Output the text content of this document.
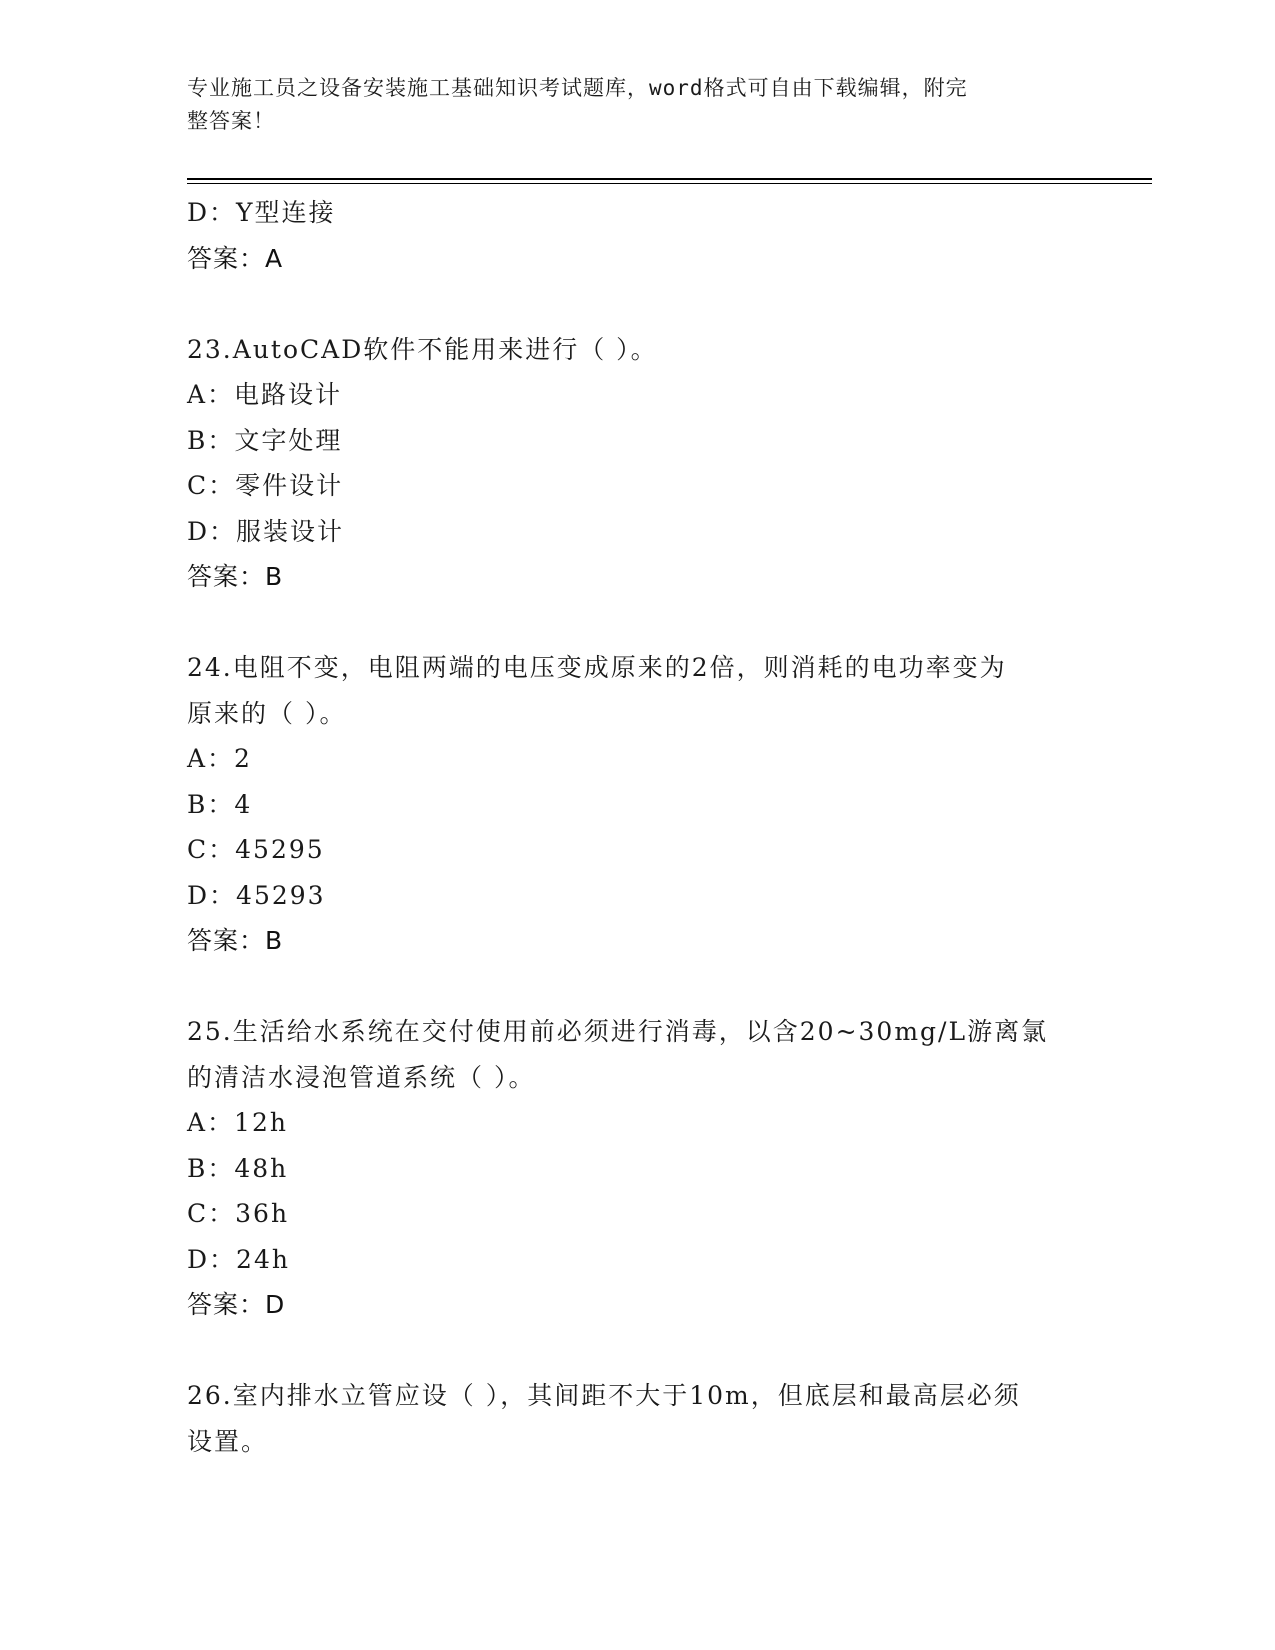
专业施工员之设备安装施工基础知识考试题库，word格式可自由下载编辑，附完
整答案！
D：Y型连接
答案：A
23.AutoCAD软件不能用来进行（ ）。
A：电路设计
B：文字处理
C：零件设计
D：服装设计
答案：B
24.电阻不变，电阻两端的电压变成原来的2倍，则消耗的电功率变为
原来的（ ）。
A：2
B：4
C：45295
D：45293
答案：B
25.生活给水系统在交付使用前必须进行消毒，以含20~30mg/L游离氯
的清洁水浸泡管道系统（ ）。
A：12h
B：48h
C：36h
D：24h
答案：D
26.室内排水立管应设（ ），其间距不大于10m，但底层和最高层必须
设置。
